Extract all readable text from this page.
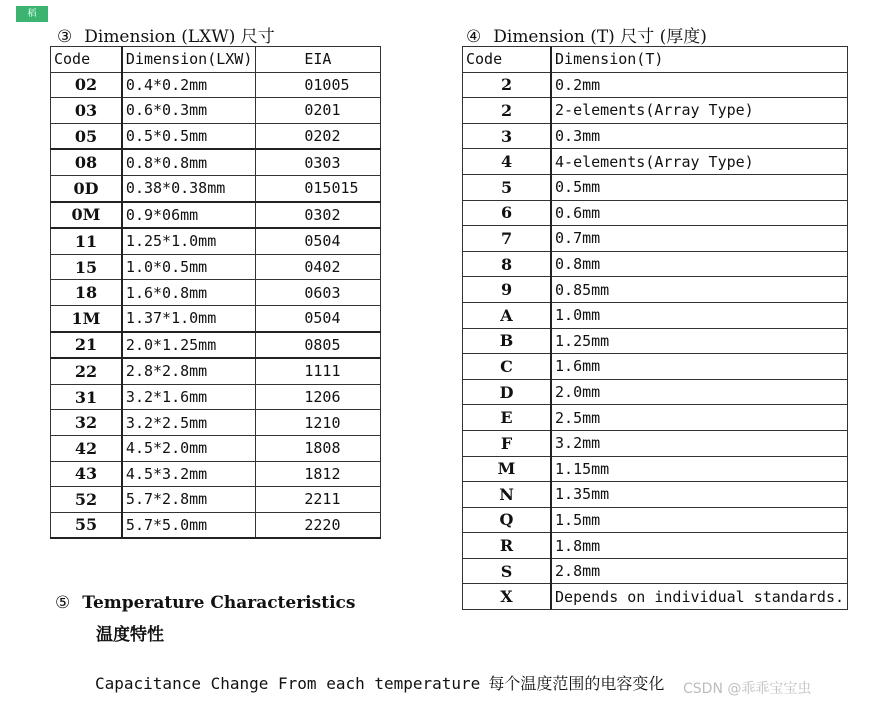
稻
③ Dimension (LXW) 尺寸	④ Dimension (T) 尺寸 (厚度)
Code	Dimension(LXW)	EIA
02	0.4*0.2mm	01005
03	0.6*0.3mm	0201
05	0.5*0.5mm	0202
08	0.8*0.8mm	0303
0D	0.38*0.38mm	015015
0M	0.9*06mm	0302
11	1.25*1.0mm	0504
15	1.0*0.5mm	0402
18	1.6*0.8mm	0603
1M	1.37*1.0mm	0504
21	2.0*1.25mm	0805
22	2.8*2.8mm	1111
31	3.2*1.6mm	1206
32	3.2*2.5mm	1210
42	4.5*2.0mm	1808
43	4.5*3.2mm	1812
52	5.7*2.8mm	2211
55	5.7*5.0mm	2220
Code	Dimension(T)
2	0.2mm
2	2-elements(Array Type)
3	0.3mm
4	4-elements(Array Type)
5	0.5mm
6	0.6mm
7	0.7mm
8	0.8mm
9	0.85mm
A	1.0mm
B	1.25mm
C	1.6mm
D	2.0mm
E	2.5mm
F	3.2mm
M	1.15mm
N	1.35mm
Q	1.5mm
R	1.8mm
S	2.8mm
X	Depends on individual standards.
⑤ Temperature Characteristics
温度特性
Capacitance Change From each temperature 每个温度范围的电容变化 CSDN @乖乖宝宝虫
